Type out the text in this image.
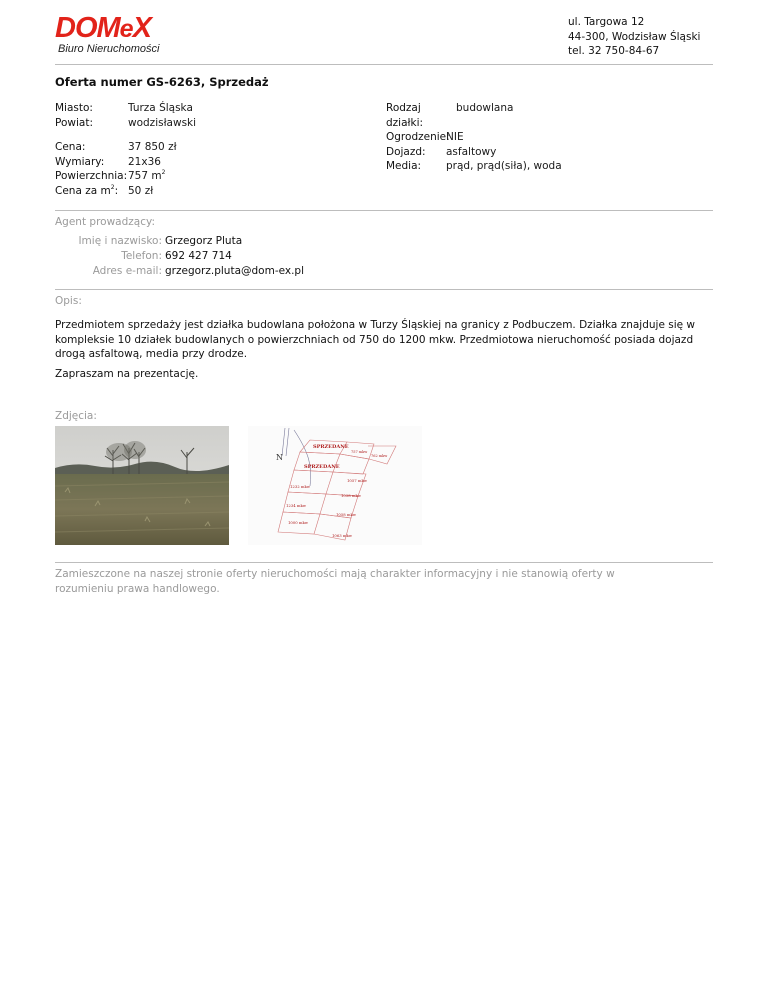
DOMeX
Biuro Nieruchomości
ul. Targowa 12
44-300, Wodzisław Śląski
tel. 32 750-84-67
Oferta numer GS-6263, Sprzedaż
Miasto:	Turza Śląska
Powiat:	wodzisławski
Cena:	37 850 zł
Wymiary:	21x36
Powierzchnia: 757 $m^2$
Cena za $m^2$: 50 zł
Rodzaj działki:
budowlana
Ogrodzenie:
NIE
Dojazd:	asfaltowy
Media:	prąd, prąd(siła), woda
Agent prowadzący:
Imię i nazwisko: Grzegorz Pluta
Telefon: 692 427 714
Adres e-mail: grzegorz.pluta@dom-ex.pl
Opis:

Przedmiotem sprzedaży jest działka budowlana położona w Turzy Śląskiej na granicy z Podbuczem. Działka znajduje się w kompleksie 10 działek budowlanych o powierzchniach od 750 do 1200 mkw. Przedmiotowa nieruchomość posiada dojazd drogą asfaltową, media przy drodze.

Zapraszam na prezentację.
Zdjęcia:
N
SPRZEDANE
SPRZEDANE
757 mkw
762 mkw
1057 mkw
1232 mkw
1058 mkw
1234 mkw
1058 mkw
1000 mkw
1063 mkw
Zamieszczone na naszej stronie oferty nieruchomości mają charakter informacyjny i nie stanowią oferty w rozumieniu prawa handlowego.
